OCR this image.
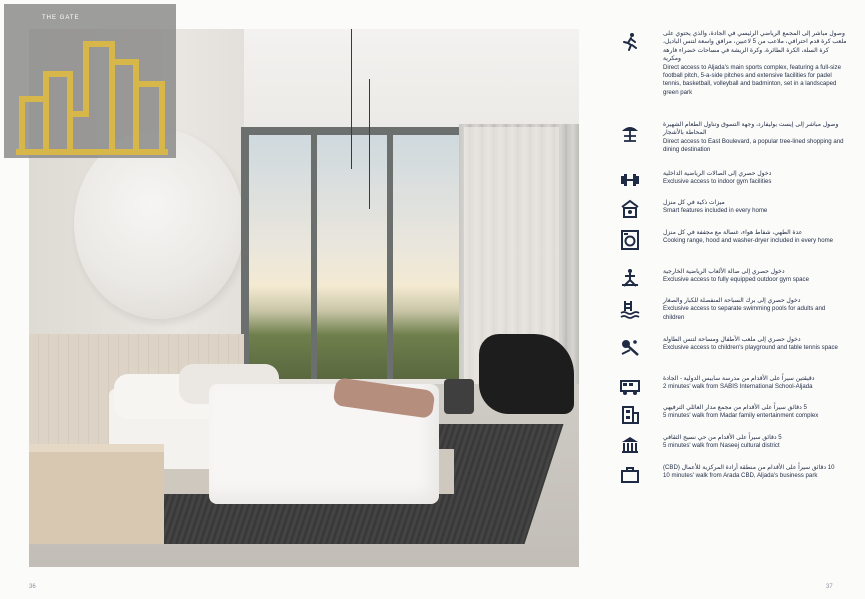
THE GATE
36	37
وصول مباشر إلى المجمع الرياضي الرئيسي في الجادة، والذي يحتوي على ملعب كرة قدم احترافي، ملاعب من 5 لاعبين، مرافق واسعة لتنس الباديل، كرة السلة، الكرة الطائرة، وكرة الريشة في مساحات خضراء فارهة ومكرية
Direct access to Aljada's main sports complex, featuring a full-size football pitch, 5-a-side pitches and extensive facilities for padel tennis, basketball, volleyball and badminton, set in a landscaped green park
وصول مباشر إلى إيست بوليفارد، وجهة التسوق وتناول الطعام الشهيرة المحاطة بالأشجار
Direct access to East Boulevard, a popular tree-lined shopping and dining destination
دخول حصري إلى الصالات الرياضية الداخلية
Exclusive access to indoor gym facilities
ميزات ذكية في كل منزل
Smart features included in every home
عدة الطهي، شفاط هواء، غسالة مع مجففة في كل منزل
Cooking range, hood and washer-dryer included in every home
دخول حصري إلى صالة الألعاب الرياضية الخارجية
Exclusive access to fully equipped outdoor gym space
دخول حصري إلى برك السباحة المنفصلة للكبار والصغار
Exclusive access to separate swimming pools for adults and children
دخول حصري إلى ملعب الأطفال ومساحة لتنس الطاولة
Exclusive access to children's playground and table tennis space
دقيقتين سيراً على الأقدام من مدرسة سابيس الدولية - الجادة
2 minutes' walk from SABIS International School-Aljada
5 دقائق سيراً على الأقدام من مجمع مدار العائلي الترفيهي
5 minutes' walk from Madar family entertainment complex
5 دقائق سيراً على الأقدام من حي نسيج الثقافي
5 minutes' walk from Naseej cultural district
10 دقائق سيراً على الأقدام من منطقة أرادة المركزية للأعمال (CBD)
10 minutes' walk from Arada CBD, Aljada's business park
